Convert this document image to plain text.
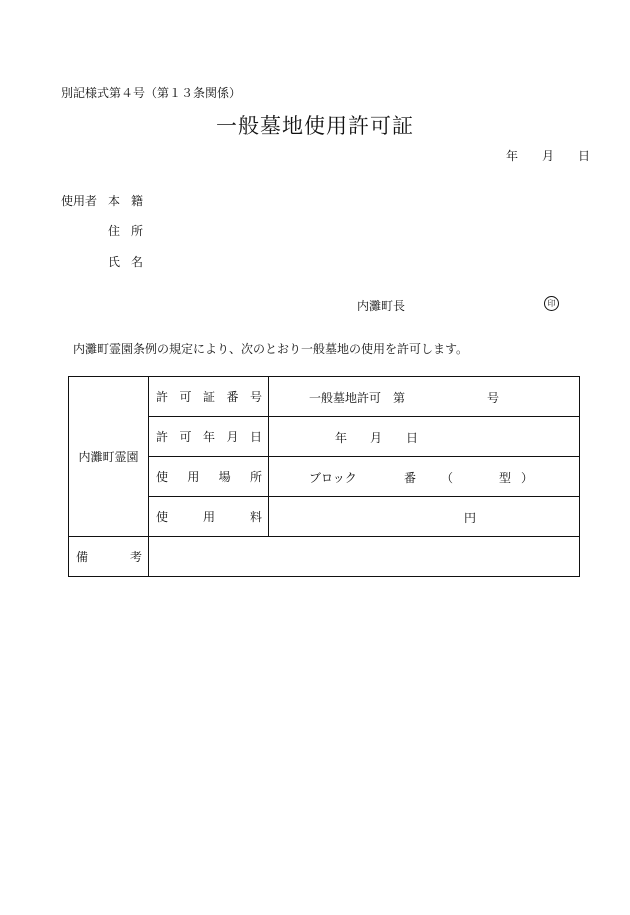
別記様式第４号（第１３条関係）
一般墓地使用許可証
年 月 日
使用者 本 籍
住 所
氏 名
内灘町長	印
内灘町霊園条例の規定により、次のとおり一般墓地の使用を許可します。
内灘町霊園	許 可 証 番 号	一般墓地許可 第 号

	許 可 年 月 日	年 月 日

	使 用 場 所	ブロック 番 （ 型 ）

	使 用 料	円

備 考		
